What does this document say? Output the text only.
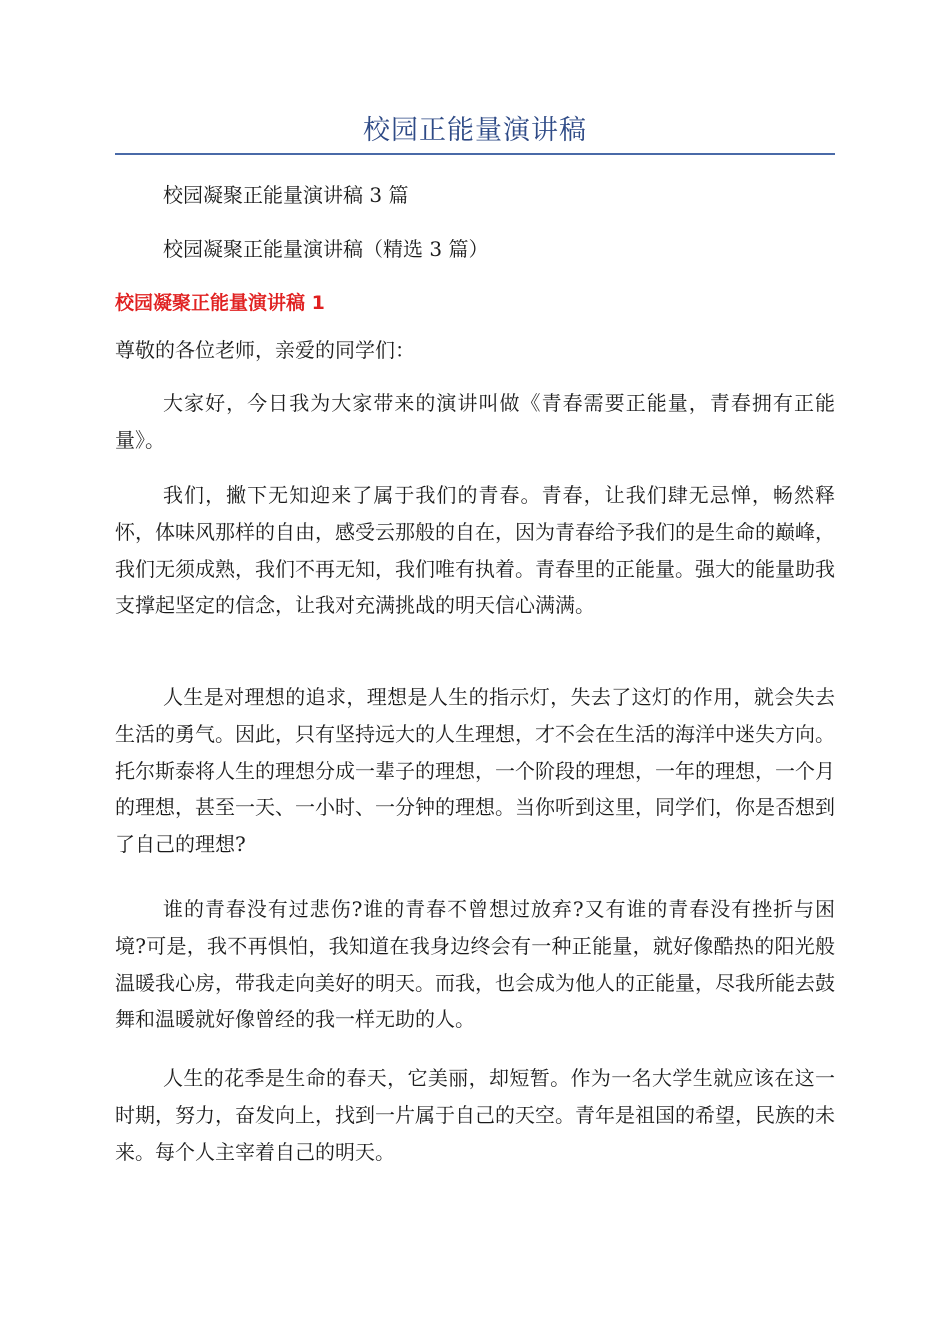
校园正能量演讲稿
校园凝聚正能量演讲稿 3 篇
校园凝聚正能量演讲稿（精选 3 篇）
校园凝聚正能量演讲稿 1
尊敬的各位老师，亲爱的同学们：

大家好，今日我为大家带来的演讲叫做《青春需要正能量，青春拥有正能量》。

我们，撇下无知迎来了属于我们的青春。青春，让我们肆无忌惮，畅然释怀，体味风那样的自由，感受云那般的自在，因为青春给予我们的是生命的巅峰，我们无须成熟，我们不再无知，我们唯有执着。青春里的正能量。强大的能量助我支撑起坚定的信念，让我对充满挑战的明天信心满满。

人生是对理想的追求，理想是人生的指示灯，失去了这灯的作用，就会失去生活的勇气。因此，只有坚持远大的人生理想，才不会在生活的海洋中迷失方向。托尔斯泰将人生的理想分成一辈子的理想，一个阶段的理想，一年的理想，一个月的理想，甚至一天、一小时、一分钟的理想。当你听到这里，同学们，你是否想到了自己的理想?

谁的青春没有过悲伤?谁的青春不曾想过放弃?又有谁的青春没有挫折与困境?可是，我不再惧怕，我知道在我身边终会有一种正能量，就好像酷热的阳光般温暖我心房，带我走向美好的明天。而我，也会成为他人的正能量，尽我所能去鼓舞和温暖就好像曾经的我一样无助的人。

人生的花季是生命的春天，它美丽，却短暂。作为一名大学生就应该在这一时期，努力，奋发向上，找到一片属于自己的天空。青年是祖国的希望，民族的未来。每个人主宰着自己的明天。
